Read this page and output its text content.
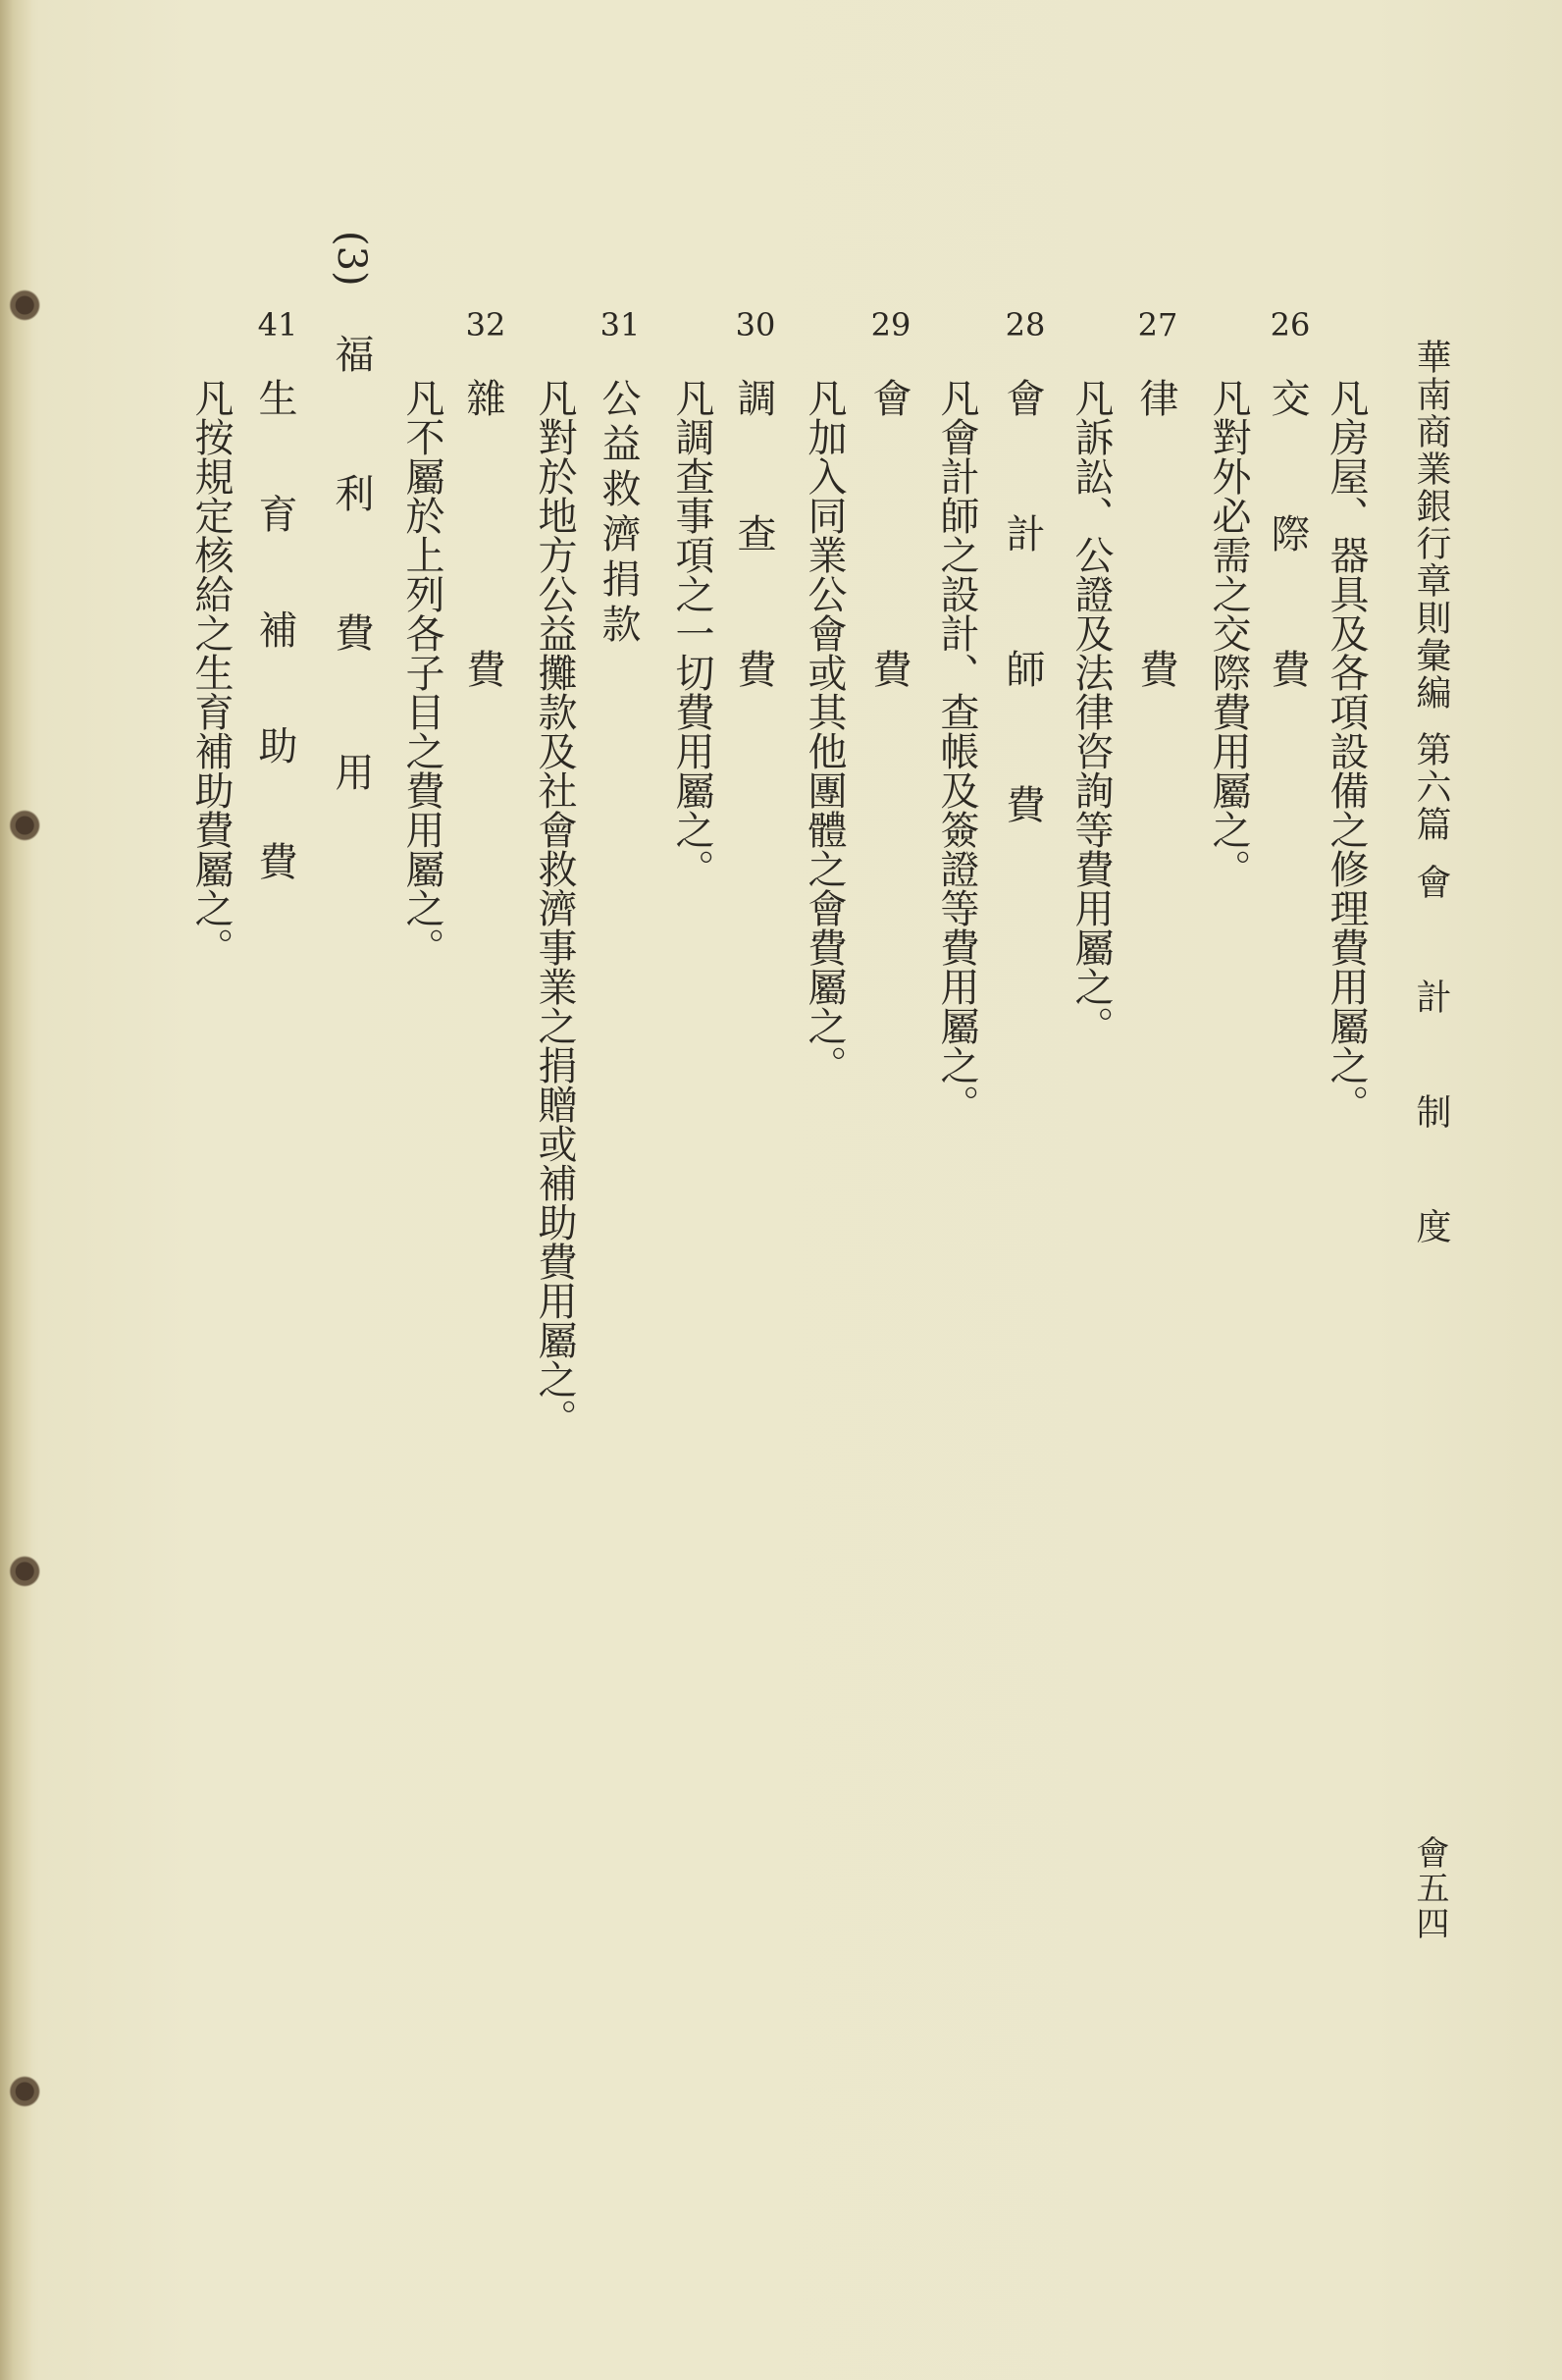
華南商業銀行章則彙編
第六篇
會 計 制 度
凡房屋、器具及各項設備之修理費用屬之。
26
交 際 費
凡對外必需之交際費用屬之。
27
律 　 費
凡訴訟、公證及法律咨詢等費用屬之。
28
會 計 師 費
凡會計師之設計、查帳及簽證等費用屬之。
29
會 　 費
凡加入同業公會或其他團體之會費屬之。
30
調 查 費
凡調查事項之一切費用屬之。
31
公益救濟捐款
凡對於地方公益攤款及社會救濟事業之捐贈或補助費用屬之。
32
雜 　 費
凡不屬於上列各子目之費用屬之。
(3)
福 利 費 用
41
生 育 補 助 費
凡按規定核給之生育補助費屬之。
會五四
